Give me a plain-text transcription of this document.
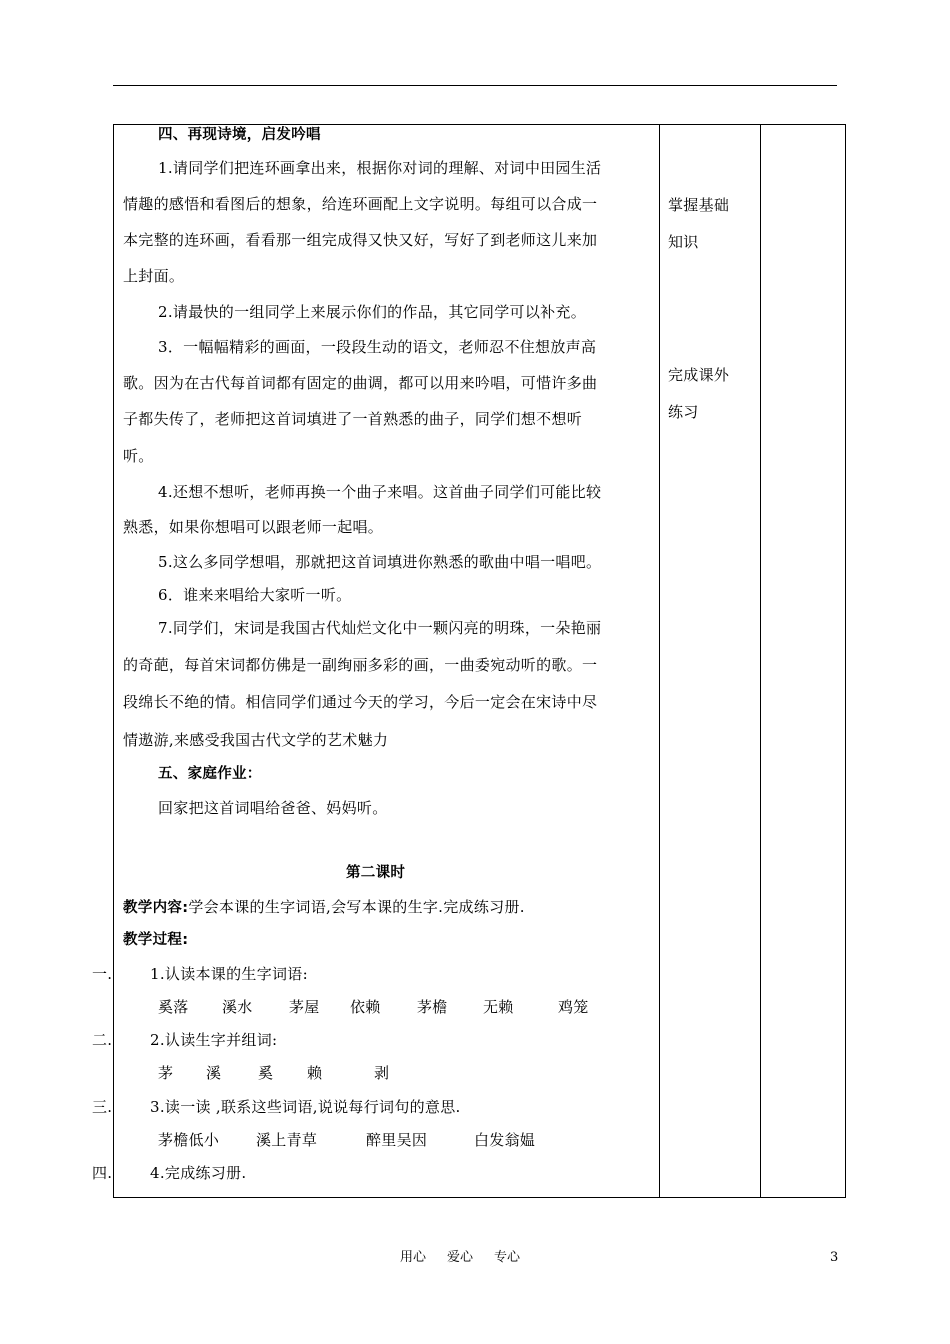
四、再现诗境，启发吟唱
1.请同学们把连环画拿出来，根据你对词的理解、对词中田园生活
情趣的感悟和看图后的想象，给连环画配上文字说明。每组可以合成一
本完整的连环画，看看那一组完成得又快又好，写好了到老师这儿来加
上封面。
2.请最快的一组同学上来展示你们的作品，其它同学可以补充。
3．一幅幅精彩的画面，一段段生动的语文，老师忍不住想放声高
歌。因为在古代每首词都有固定的曲调，都可以用来吟唱，可惜许多曲
子都失传了，老师把这首词填进了一首熟悉的曲子，同学们想不想听
听。
4.还想不想听，老师再换一个曲子来唱。这首曲子同学们可能比较
熟悉，如果你想唱可以跟老师一起唱。
5.这么多同学想唱，那就把这首词填进你熟悉的歌曲中唱一唱吧。
6．谁来来唱给大家听一听。
7.同学们，宋词是我国古代灿烂文化中一颗闪亮的明珠，一朵艳丽
的奇葩，每首宋词都仿佛是一副绚丽多彩的画，一曲委宛动听的歌。一
段绵长不绝的情。相信同学们通过今天的学习，今后一定会在宋诗中尽
情遨游,来感受我国古代文学的艺术魅力
五、家庭作业：
回家把这首词唱给爸爸、妈妈听。
第二课时
教学内容:学会本课的生字词语,会写本课的生字.完成练习册.
教学过程:
一.	1.认读本课的生字词语:
奚落 溪水 茅屋 依赖 茅檐 无赖	鸡笼
二.	2.认读生字并组词:
茅 溪 奚 赖	剥
三.	3.读一读 ,联系这些词语,说说每行词句的意思.
茅檐低小 溪上青草	醉里吴因	白发翁媪
四.	4.完成练习册.
掌握基础
知识
完成课外
练习
用心 爱心 专心	3
